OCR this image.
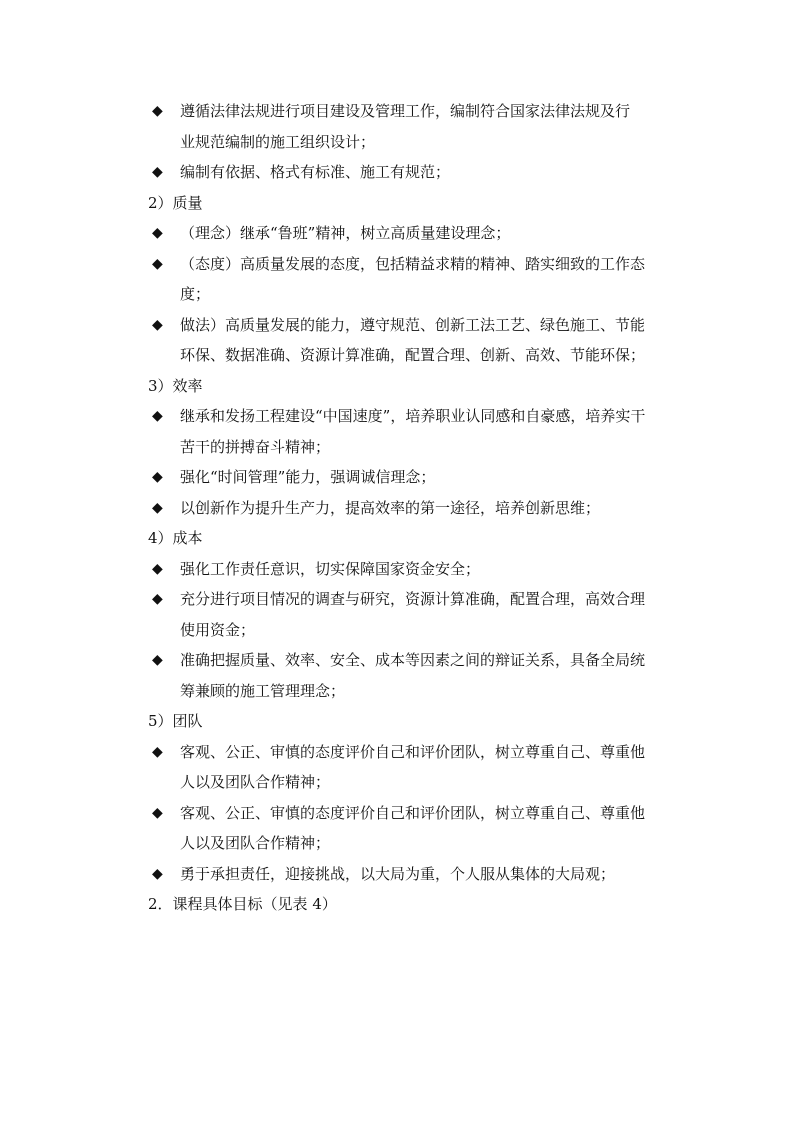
◆ 遵循法律法规进行项目建设及管理工作，编制符合国家法律法规及行
业规范编制的施工组织设计；
◆ 编制有依据、格式有标准、施工有规范；
2）质量
◆ （理念）继承“鲁班”精神，树立高质量建设理念；
◆ （态度）高质量发展的态度，包括精益求精的精神、踏实细致的工作态
度；
◆ 做法）高质量发展的能力，遵守规范、创新工法工艺、绿色施工、节能
环保、数据准确、资源计算准确，配置合理、创新、高效、节能环保；
3）效率
◆ 继承和发扬工程建设“中国速度”，培养职业认同感和自豪感，培养实干
苦干的拼搏奋斗精神；
◆ 强化“时间管理”能力，强调诚信理念；
◆ 以创新作为提升生产力，提高效率的第一途径，培养创新思维；
4）成本
◆ 强化工作责任意识，切实保障国家资金安全；
◆ 充分进行项目情况的调查与研究，资源计算准确，配置合理，高效合理
使用资金；
◆ 准确把握质量、效率、安全、成本等因素之间的辩证关系，具备全局统
筹兼顾的施工管理理念；
5）团队
◆ 客观、公正、审慎的态度评价自己和评价团队，树立尊重自己、尊重他
人以及团队合作精神；
◆ 客观、公正、审慎的态度评价自己和评价团队，树立尊重自己、尊重他
人以及团队合作精神；
◆ 勇于承担责任，迎接挑战，以大局为重，个人服从集体的大局观；
2．课程具体目标（见表 4）
